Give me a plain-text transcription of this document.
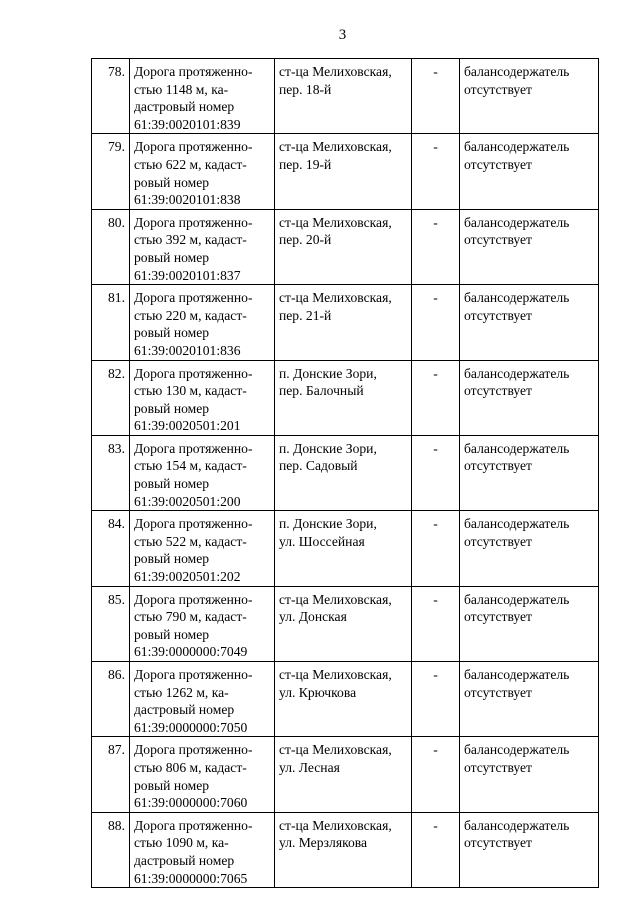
3
78.	Дорога протяженно-
стью 1148 м, ка-
дастровый номер
61:39:0020101:839	ст-ца Мелиховская,
пер. 18-й	-	балансодержатель
отсутствует

79.	Дорога протяженно-
стью 622 м, кадаст-
ровый номер
61:39:0020101:838	ст-ца Мелиховская,
пер. 19-й	-	балансодержатель
отсутствует

80.	Дорога протяженно-
стью 392 м, кадаст-
ровый номер
61:39:0020101:837	ст-ца Мелиховская,
пер. 20-й	-	балансодержатель
отсутствует

81.	Дорога протяженно-
стью 220 м, кадаст-
ровый номер
61:39:0020101:836	ст-ца Мелиховская,
пер. 21-й	-	балансодержатель
отсутствует

82.	Дорога протяженно-
стью 130 м, кадаст-
ровый номер
61:39:0020501:201	п. Донские Зори,
пер. Балочный	-	балансодержатель
отсутствует

83.	Дорога протяженно-
стью 154 м, кадаст-
ровый номер
61:39:0020501:200	п. Донские Зори,
пер. Садовый	-	балансодержатель
отсутствует

84.	Дорога протяженно-
стью 522 м, кадаст-
ровый номер
61:39:0020501:202	п. Донские Зори,
ул. Шоссейная	-	балансодержатель
отсутствует

85.	Дорога протяженно-
стью 790 м, кадаст-
ровый номер
61:39:0000000:7049	ст-ца Мелиховская,
ул. Донская	-	балансодержатель
отсутствует

86.	Дорога протяженно-
стью 1262 м, ка-
дастровый номер
61:39:0000000:7050	ст-ца Мелиховская,
ул. Крючкова	-	балансодержатель
отсутствует

87.	Дорога протяженно-
стью 806 м, кадаст-
ровый номер
61:39:0000000:7060	ст-ца Мелиховская,
ул. Лесная	-	балансодержатель
отсутствует

88.	Дорога протяженно-
стью 1090 м, ка-
дастровый номер
61:39:0000000:7065	ст-ца Мелиховская,
ул. Мерзлякова	-	балансодержатель
отсутствует
